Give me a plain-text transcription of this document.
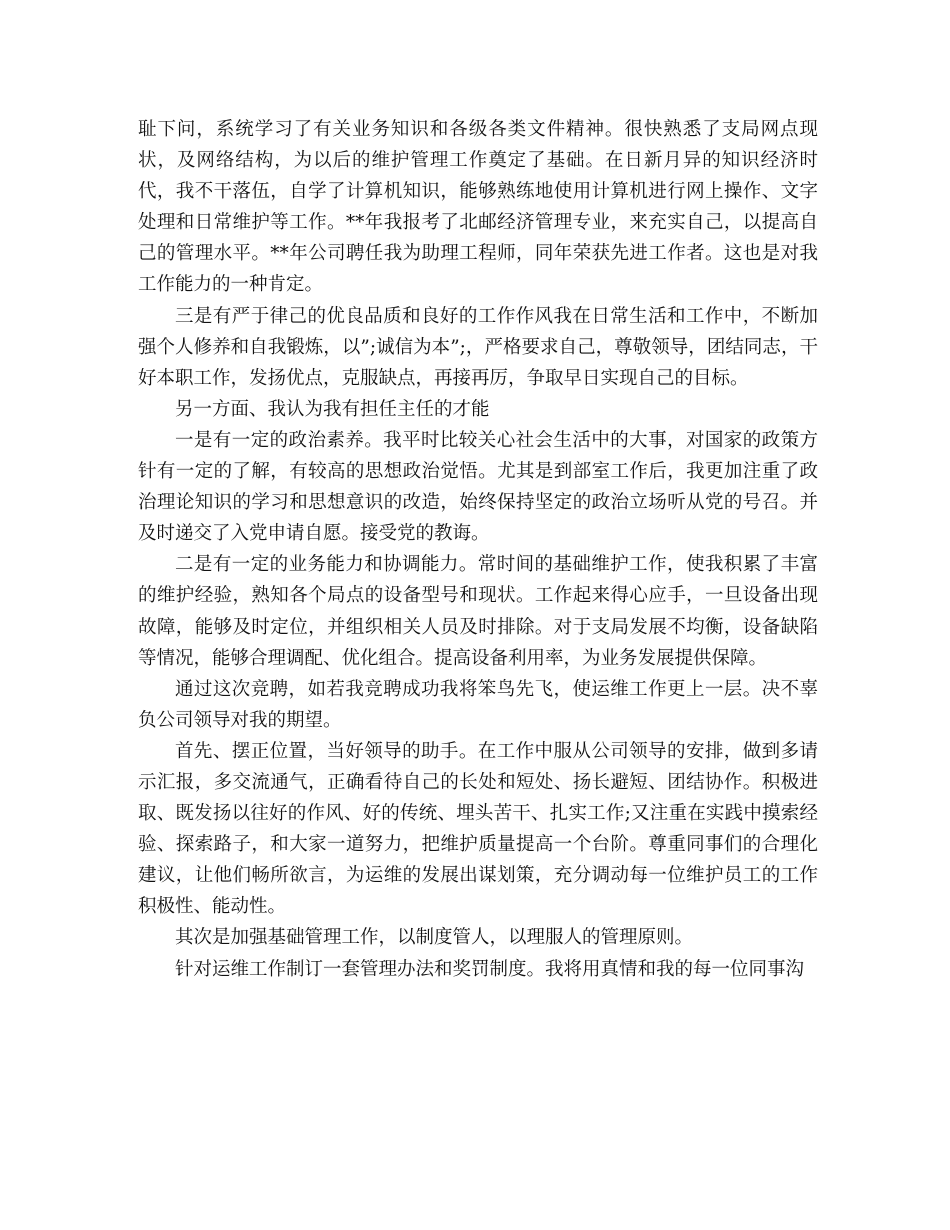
耻下问，系统学习了有关业务知识和各级各类文件精神。很快熟悉了支局网点现状，及网络结构，为以后的维护管理工作奠定了基础。在日新月异的知识经济时代，我不干落伍，自学了计算机知识，能够熟练地使用计算机进行网上操作、文字处理和日常维护等工作。**年我报考了北邮经济管理专业，来充实自己，以提高自己的管理水平。**年公司聘任我为助理工程师，同年荣获先进工作者。这也是对我工作能力的一种肯定。

三是有严于律己的优良品质和良好的工作作风我在日常生活和工作中，不断加强个人修养和自我锻炼，以”;诚信为本”;，严格要求自己，尊敬领导，团结同志，干好本职工作，发扬优点，克服缺点，再接再厉，争取早日实现自己的目标。

另一方面、我认为我有担任主任的才能

一是有一定的政治素养。我平时比较关心社会生活中的大事，对国家的政策方针有一定的了解，有较高的思想政治觉悟。尤其是到部室工作后，我更加注重了政治理论知识的学习和思想意识的改造，始终保持坚定的政治立场听从党的号召。并及时递交了入党申请自愿。接受党的教诲。

二是有一定的业务能力和协调能力。常时间的基础维护工作，使我积累了丰富的维护经验，熟知各个局点的设备型号和现状。工作起来得心应手，一旦设备出现故障，能够及时定位，并组织相关人员及时排除。对于支局发展不均衡，设备缺陷等情况，能够合理调配、优化组合。提高设备利用率，为业务发展提供保障。

通过这次竞聘，如若我竞聘成功我将笨鸟先飞，使运维工作更上一层。决不辜负公司领导对我的期望。

首先、摆正位置，当好领导的助手。在工作中服从公司领导的安排，做到多请示汇报，多交流通气，正确看待自己的长处和短处、扬长避短、团结协作。积极进取、既发扬以往好的作风、好的传统、埋头苦干、扎实工作;又注重在实践中摸索经验、探索路子，和大家一道努力，把维护质量提高一个台阶。尊重同事们的合理化建议，让他们畅所欲言，为运维的发展出谋划策，充分调动每一位维护员工的工作积极性、能动性。

其次是加强基础管理工作，以制度管人，以理服人的管理原则。

针对运维工作制订一套管理办法和奖罚制度。我将用真情和我的每一位同事沟
